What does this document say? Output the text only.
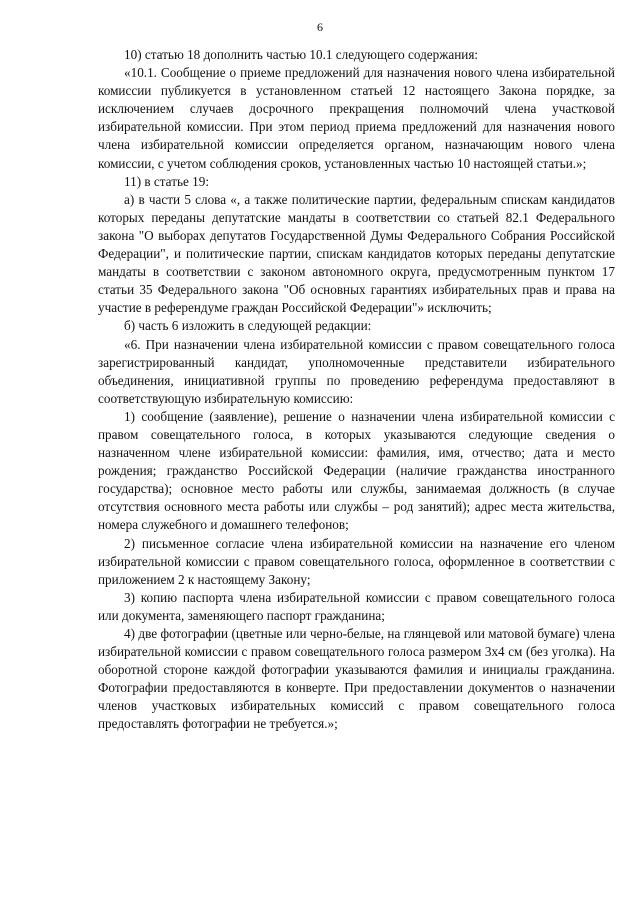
6

10) статью 18 дополнить частью 10.1 следующего содержания:

«10.1. Сообщение о приеме предложений для назначения нового члена избирательной комиссии публикуется в установленном статьей 12 настоящего Закона порядке, за исключением случаев досрочного прекращения полномочий члена участковой избирательной комиссии. При этом период приема предложений для назначения нового члена избирательной комиссии определяется органом, назначающим нового члена комиссии, с учетом соблюдения сроков, установленных частью 10 настоящей статьи.»;

11) в статье 19:

а) в части 5 слова «, а также политические партии, федеральным спискам кандидатов которых переданы депутатские мандаты в соответствии со статьей 82.1 Федерального закона "О выборах депутатов Государственной Думы Федерального Собрания Российской Федерации", и политические партии, спискам кандидатов которых переданы депутатские мандаты в соответствии с законом автономного округа, предусмотренным пунктом 17 статьи 35 Федерального закона "Об основных гарантиях избирательных прав и права на участие в референдуме граждан Российской Федерации"» исключить;

б) часть 6 изложить в следующей редакции:

«6. При назначении члена избирательной комиссии с правом совещательного голоса зарегистрированный кандидат, уполномоченные представители избирательного объединения, инициативной группы по проведению референдума предоставляют в соответствующую избирательную комиссию:

1) сообщение (заявление), решение о назначении члена избирательной комиссии с правом совещательного голоса, в которых указываются следующие сведения о назначенном члене избирательной комиссии: фамилия, имя, отчество; дата и место рождения; гражданство Российской Федерации (наличие гражданства иностранного государства); основное место работы или службы, занимаемая должность (в случае отсутствия основного места работы или службы – род занятий); адрес места жительства, номера служебного и домашнего телефонов;

2) письменное согласие члена избирательной комиссии на назначение его членом избирательной комиссии с правом совещательного голоса, оформленное в соответствии с приложением 2 к настоящему Закону;

3) копию паспорта члена избирательной комиссии с правом совещательного голоса или документа, заменяющего паспорт гражданина;

4) две фотографии (цветные или черно-белые, на глянцевой или матовой бумаге) члена избирательной комиссии с правом совещательного голоса размером 3х4 см (без уголка). На оборотной стороне каждой фотографии указываются фамилия и инициалы гражданина. Фотографии предоставляются в конверте. При предоставлении документов о назначении членов участковых избирательных комиссий с правом совещательного голоса предоставлять фотографии не требуется.»;
